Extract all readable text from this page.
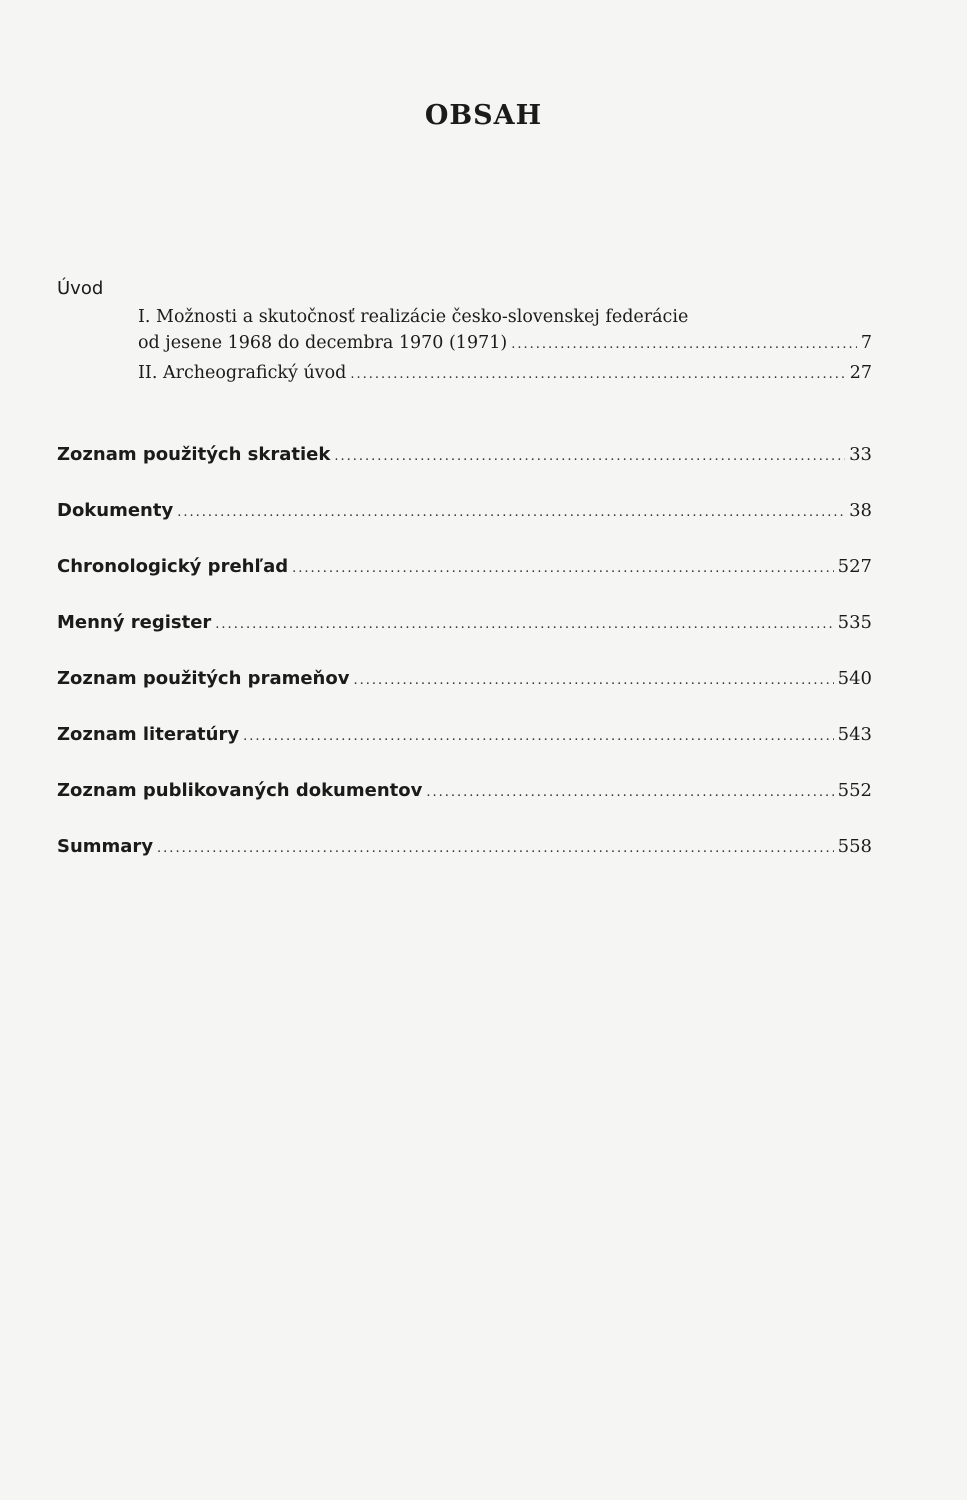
OBSAH
Úvod
I. Možnosti a skutočnosť realizácie česko-slovenskej federácie
od jesene 1968 do decembra 1970 (1971) .....	7
II. Archeografický úvod .....	27
Zoznam použitých skratiek .....	33
Dokumenty .....	38
Chronologický prehľad .....	527
Menný register .....	535
Zoznam použitých prameňov .....	540
Zoznam literatúry .....	543
Zoznam publikovaných dokumentov .....	552
Summary .....	558
